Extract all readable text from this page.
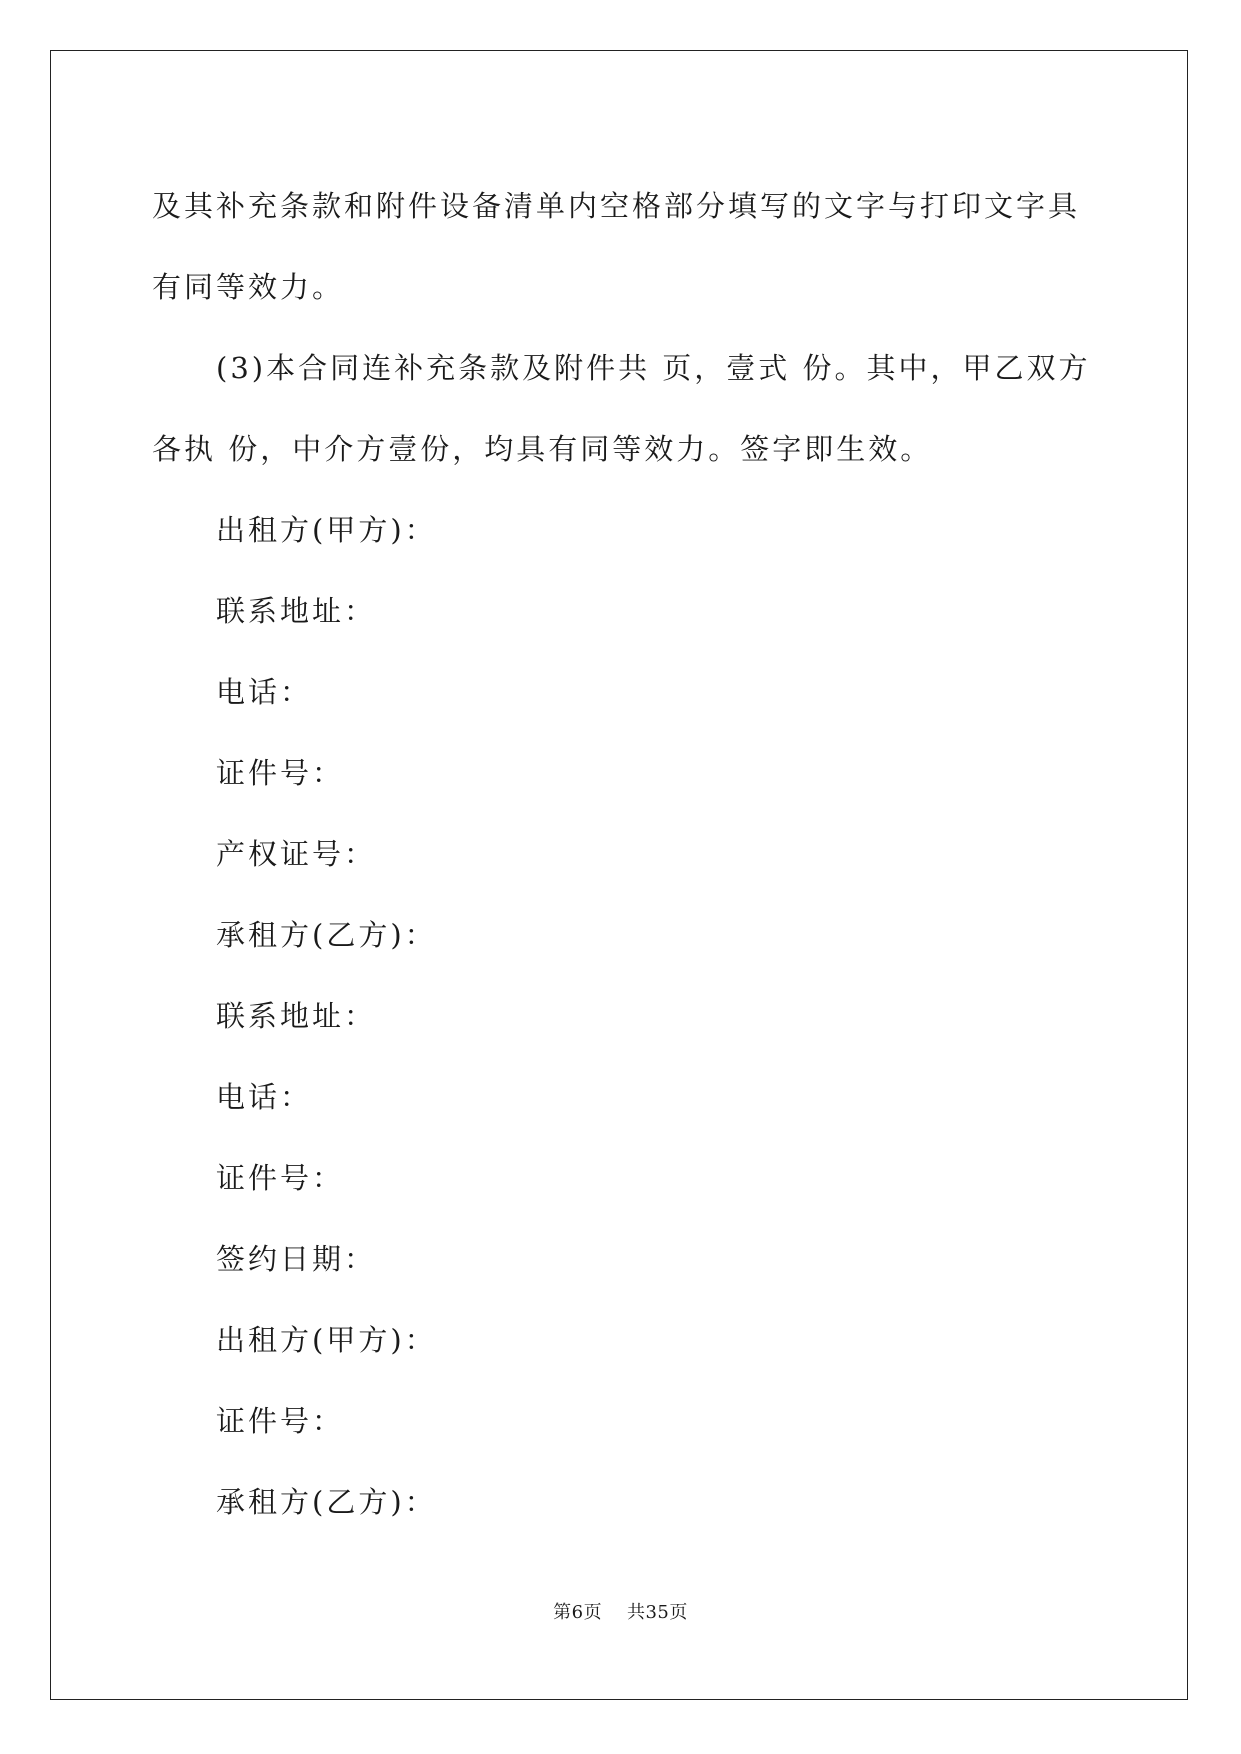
及其补充条款和附件设备清单内空格部分填写的文字与打印文字具有同等效力。

(3)本合同连补充条款及附件共 页，壹式 份。其中，甲乙双方各执 份，中介方壹份，均具有同等效力。签字即生效。

出租方(甲方)：

联系地址：

电话：

证件号：

产权证号：

承租方(乙方)：

联系地址：

电话：

证件号：

签约日期：

出租方(甲方)：

证件号：

承租方(乙方)：

第6页 共35页
